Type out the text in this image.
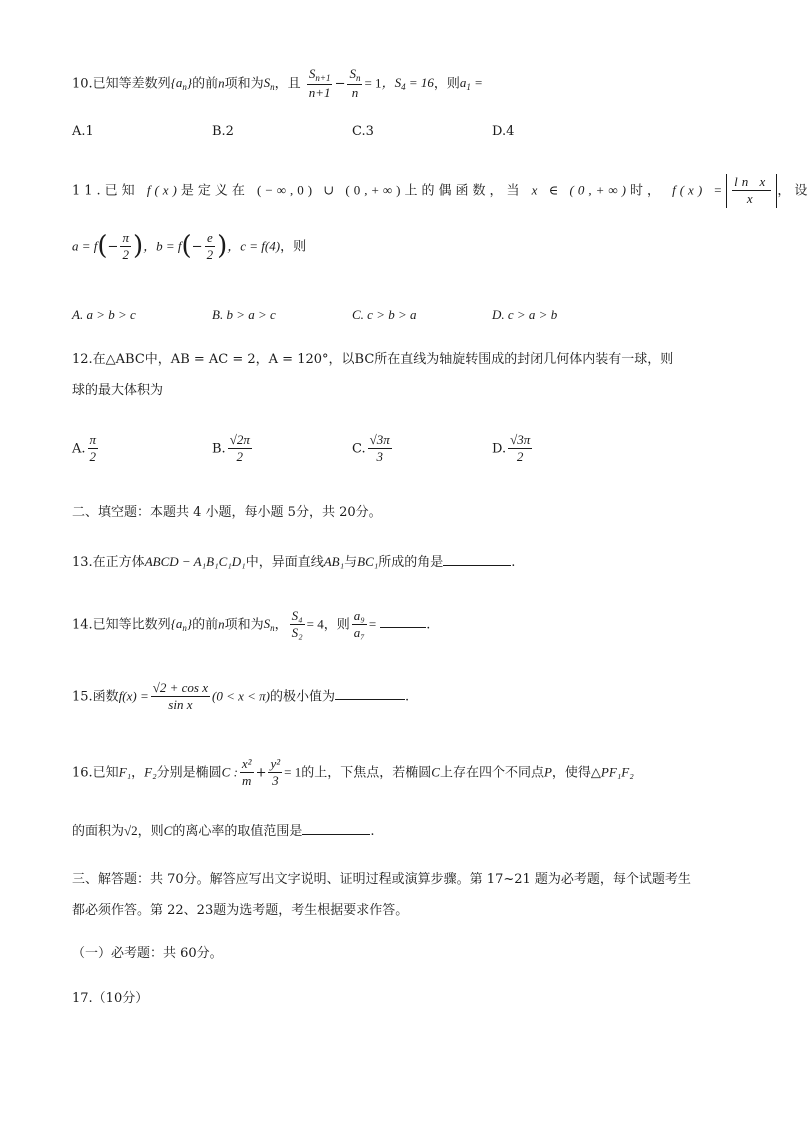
10.已知等差数列$\{a_n\}$的前n项和为$S_n$，且 $\frac{S_{n+1}}{n+1} - \frac{S_n}{n} = 1$，$S_4 = 16$，则$a_1$ =
A.1	B.2	C.3	D.4
11.已知 f(x)是定义在 (−∞,0) ∪ (0,+∞)上的偶函数，当 x ∈ (0,+∞)时， $f(x) = \frac{\text{ln x}}{x}$ ，设
$a = f(- \frac{\pi}{2}$ )，$b = f(- \frac{e}{2}$ )，c = f(4)，则
A. a > b > c	B. b > a > c	C. c > b > a	D. c > a > b
12.在△ABC中，AB = AC = 2，A = 120°，以BC所在直线为轴旋转围成的封闭几何体内装有一球，则
球的最大体积为
A. $\frac{\pi}{2}$	B. $\frac{√2\pi}{2}$	C. $\frac{√3\pi}{3}$	D. $\frac{√3\pi}{2}$
二、填空题：本题共 4 小题，每小题 5分，共 20分。
13.在正方体ABCD − A₁B₁C₁D₁中，异面直线AB₁与BC₁所成的角是	.
14.已知等比数列$\{a_n\}$的前n项和为$S_n$， $\frac{\text{S₄}}{\text{S₂}} = 4$，则 $\frac{\text{a₉}}{\text{a₇}}$ =	.
15.函数$f(x) = \frac{\text{√2 + cos x}}{\text{sin x}} (0 < x < \pi)$的极小值为	.
16.已知F₁，F₂分别是椭圆C : $\frac{\text{x²}}{m} + \frac{\text{y²}}{3} = 1$的上，下焦点，若椭圆C上存在四个不同点P，使得△PF₁F₂
的面积为√2，则C的离心率的取值范围是	.
三、解答题：共 70分。解答应写出文字说明、证明过程或演算步骤。第 17~21 题为必考题，每个试题考生
都必须作答。第 22、23题为选考题，考生根据要求作答。
（一）必考题：共 60分。
17.（10分）
